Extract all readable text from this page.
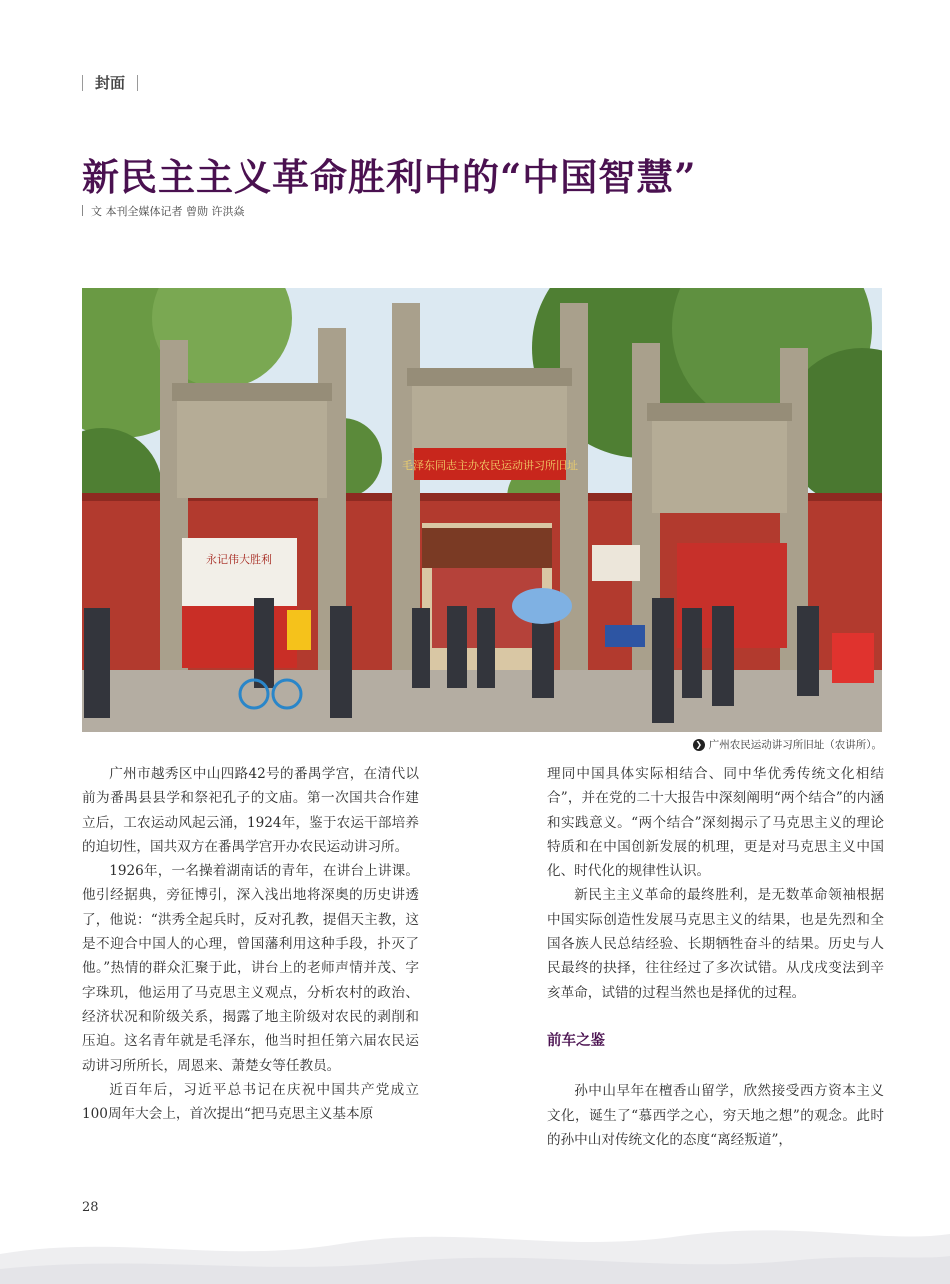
封面
新民主主义革命胜利中的“中国智慧”
文 本刊全媒体记者 曾勋 许洪焱
毛泽东同志主办农民运动讲习所旧址
永记伟大胜利
❯ 广州农民运动讲习所旧址（农讲所）。

广州市越秀区中山四路42号的番禺学宫，在清代以前为番禺县县学和祭祀孔子的文庙。第一次国共合作建立后，工农运动风起云涌，1924年，鉴于农运干部培养的迫切性，国共双方在番禺学宫开办农民运动讲习所。

1926年，一名操着湖南话的青年，在讲台上讲课。他引经据典，旁征博引，深入浅出地将深奥的历史讲透了，他说：“洪秀全起兵时，反对孔教，提倡天主教，这是不迎合中国人的心理，曾国藩利用这种手段，扑灭了他。”热情的群众汇聚于此，讲台上的老师声情并茂、字字珠玑，他运用了马克思主义观点，分析农村的政治、经济状况和阶级关系，揭露了地主阶级对农民的剥削和压迫。这名青年就是毛泽东，他当时担任第六届农民运动讲习所所长，周恩来、萧楚女等任教员。

近百年后，习近平总书记在庆祝中国共产党成立100周年大会上，首次提出“把马克思主义基本原

理同中国具体实际相结合、同中华优秀传统文化相结合”，并在党的二十大报告中深刻阐明“两个结合”的内涵和实践意义。“两个结合”深刻揭示了马克思主义的理论特质和在中国创新发展的机理，更是对马克思主义中国化、时代化的规律性认识。

新民主主义革命的最终胜利，是无数革命领袖根据中国实际创造性发展马克思主义的结果，也是先烈和全国各族人民总结经验、长期牺牲奋斗的结果。历史与人民最终的抉择，往往经过了多次试错。从戊戌变法到辛亥革命，试错的过程当然也是择优的过程。

前车之鉴

孙中山早年在檀香山留学，欣然接受西方资本主义文化，诞生了“慕西学之心，穷天地之想”的观念。此时的孙中山对传统文化的态度“离经叛道”，

28
